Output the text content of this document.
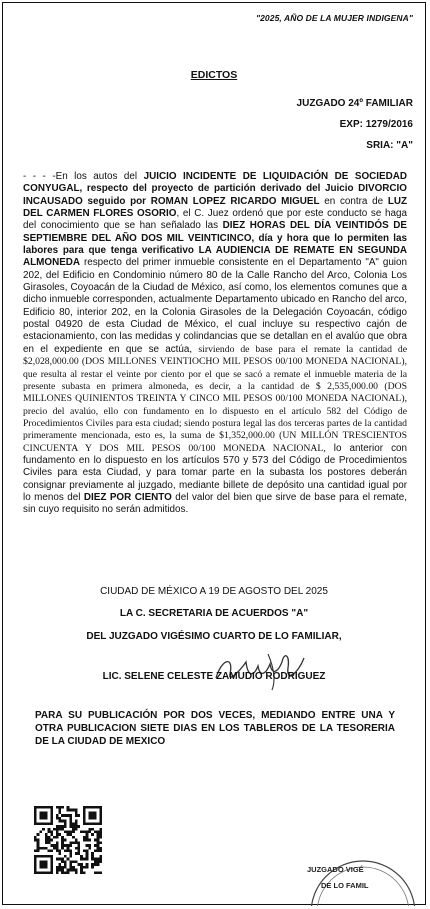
"2025, AÑO DE LA MUJER INDIGENA"
EDICTOS
JUZGADO 24º FAMILIAR
EXP: 1279/2016
SRIA: "A"
- - - -En los autos del JUICIO INCIDENTE DE LIQUIDACIÓN DE SOCIEDAD CONYUGAL, respecto del proyecto de partición derivado del Juicio DIVORCIO INCAUSADO seguido por ROMAN LOPEZ RICARDO MIGUEL en contra de LUZ DEL CARMEN FLORES OSORIO, el C. Juez ordenó que por este conducto se haga del conocimiento que se han señalado las DIEZ HORAS DEL DÍA VEINTIDÓS DE SEPTIEMBRE DEL AÑO DOS MIL VEINTICINCO, día y hora que lo permiten las labores para que tenga verificativo LA AUDIENCIA DE REMATE EN SEGUNDA ALMONEDA respecto del primer inmueble consistente en el Departamento "A" guion 202, del Edificio en Condominio número 80 de la Calle Rancho del Arco, Colonia Los Girasoles, Coyoacán de la Ciudad de México, así como, los elementos comunes que a dicho inmueble corresponden, actualmente Departamento ubicado en Rancho del arco, Edificio 80, interior 202, en la Colonia Girasoles de la Delegación Coyoacán, código postal 04920 de esta Ciudad de México, el cual incluye su respectivo cajón de estacionamiento, con las medidas y colindancias que se detallan en el avalúo que obra en el expediente en que se actúa, sirviendo de base para el remate la cantidad de $2,028,000.00 (DOS MILLONES VEINTIOCHO MIL PESOS 00/100 MONEDA NACIONAL), que resulta al restar el veinte por ciento por el que se sacó a remate el inmueble materia de la presente subasta en primera almoneda, es decir, a la cantidad de $ 2,535,000.00 (DOS MILLONES QUINIENTOS TREINTA Y CINCO MIL PESOS 00/100 MONEDA NACIONAL), precio del avalúo, ello con fundamento en lo dispuesto en el artículo 582 del Código de Procedimientos Civiles para esta ciudad; siendo postura legal las dos terceras partes de la cantidad primeramente mencionada, esto es, la suma de $1,352,000.00 (UN MILLÓN TRESCIENTOS CINCUENTA Y DOS MIL PESOS 00/100 MONEDA NACIONAL, lo anterior con fundamento en lo dispuesto en los artículos 570 y 573 del Código de Procedimientos Civiles para esta Ciudad, y para tomar parte en la subasta los postores deberán consignar previamente al juzgado, mediante billete de depósito una cantidad igual por lo menos del DIEZ POR CIENTO del valor del bien que sirve de base para el remate, sin cuyo requisito no serán admitidos.
CIUDAD DE MÉXICO A 19 DE AGOSTO DEL 2025
LA C. SECRETARIA DE ACUERDOS "A"
DEL JUZGADO VIGÉSIMO CUARTO DE LO FAMILIAR,
LIC. SELENE CELESTE ZAMUDIO RODRIGUEZ
PARA SU PUBLICACIÓN POR DOS VECES, MEDIANDO ENTRE UNA Y OTRA PUBLICACION SIETE DIAS EN LOS TABLEROS DE LA TESORERIA DE LA CIUDAD DE MEXICO
JUZGADO VIGÉ
DE LO FAMIL
